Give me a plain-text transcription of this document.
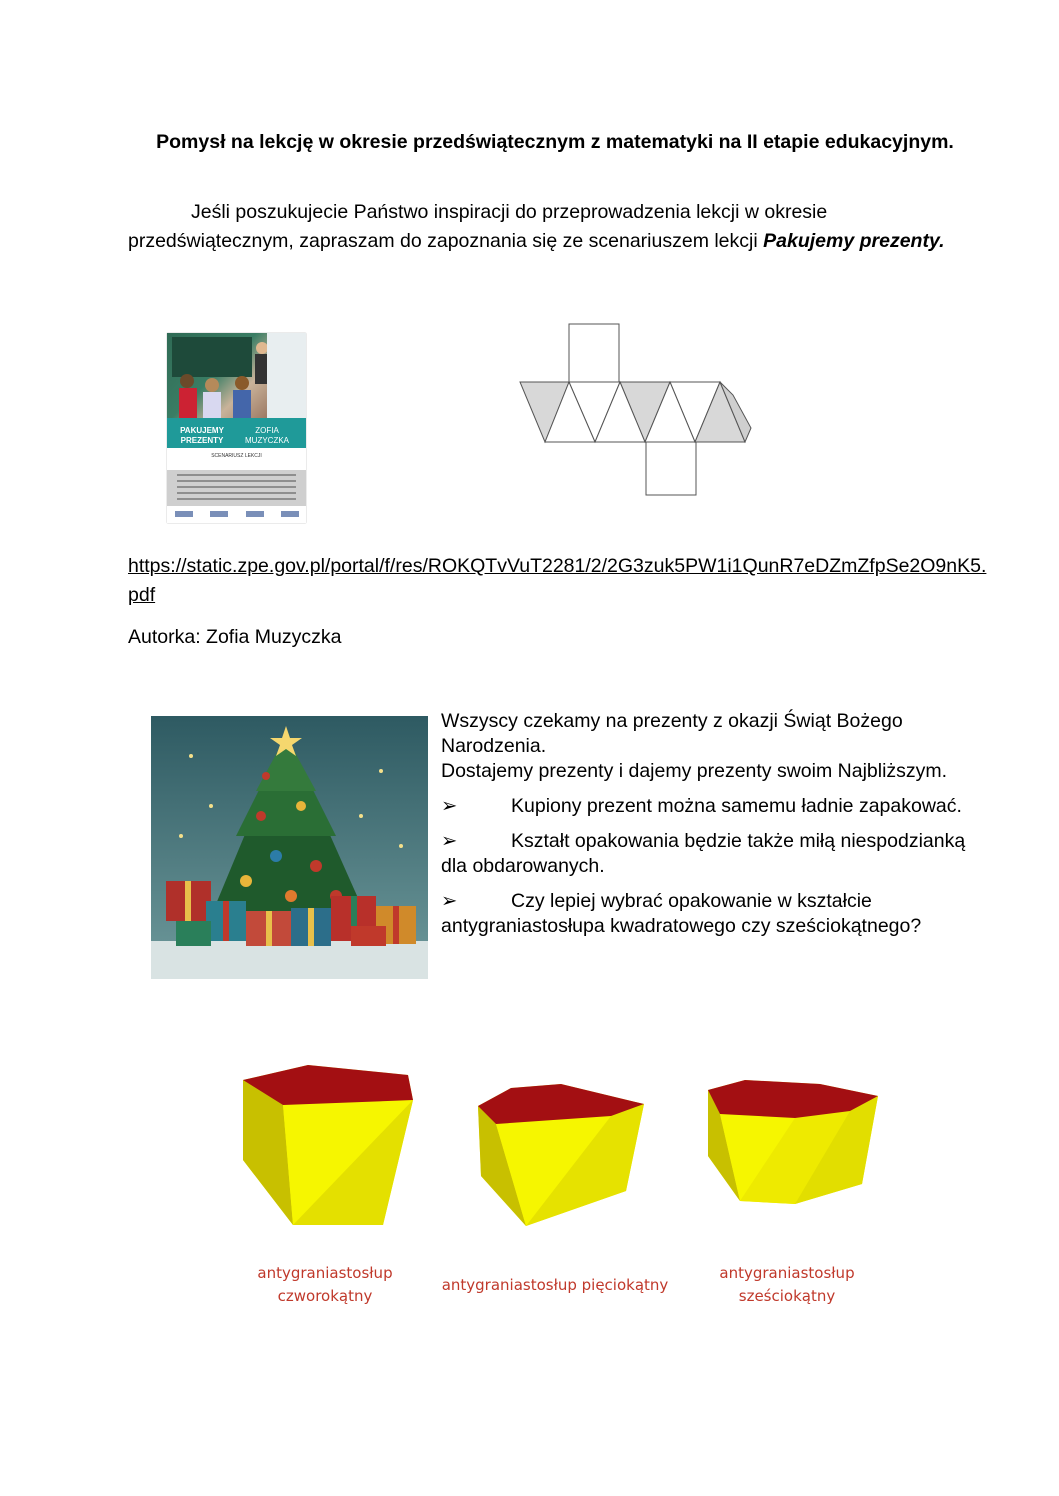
Pomysł na lekcję w okresie przedświątecznym z matematyki na II etapie edukacyjnym.
Jeśli poszukujecie Państwo inspiracji do przeprowadzenia lekcji w okresie przedświątecznym, zapraszam do zapoznania się ze scenariuszem lekcji Pakujemy prezenty.
PAKUJEMY PREZENTY
ZOFIA MUZYCZKA
SCENARIUSZ LEKCJI
https://static.zpe.gov.pl/portal/f/res/ROKQTvVuT2281/2/2G3zuk5PW1i1QunR7eDZmZfpSe2O9nK5.pdf
Autorka: Zofia Muzyczka
Wszyscy czekamy na prezenty z okazji Świąt Bożego Narodzenia.

Dostajemy prezenty i dajemy prezenty swoim Najbliższym.

➢	Kupiony prezent można samemu ładnie zapakować.

➢	Kształt opakowania będzie także miłą niespodzianką dla obdarowanych.

➢	Czy lepiej wybrać opakowanie w kształcie antygraniastosłupa kwadratowego czy sześciokątnego?

antygraniastosłup czworokątny
antygraniastosłup pięciokątny
antygraniastosłup sześciokątny
